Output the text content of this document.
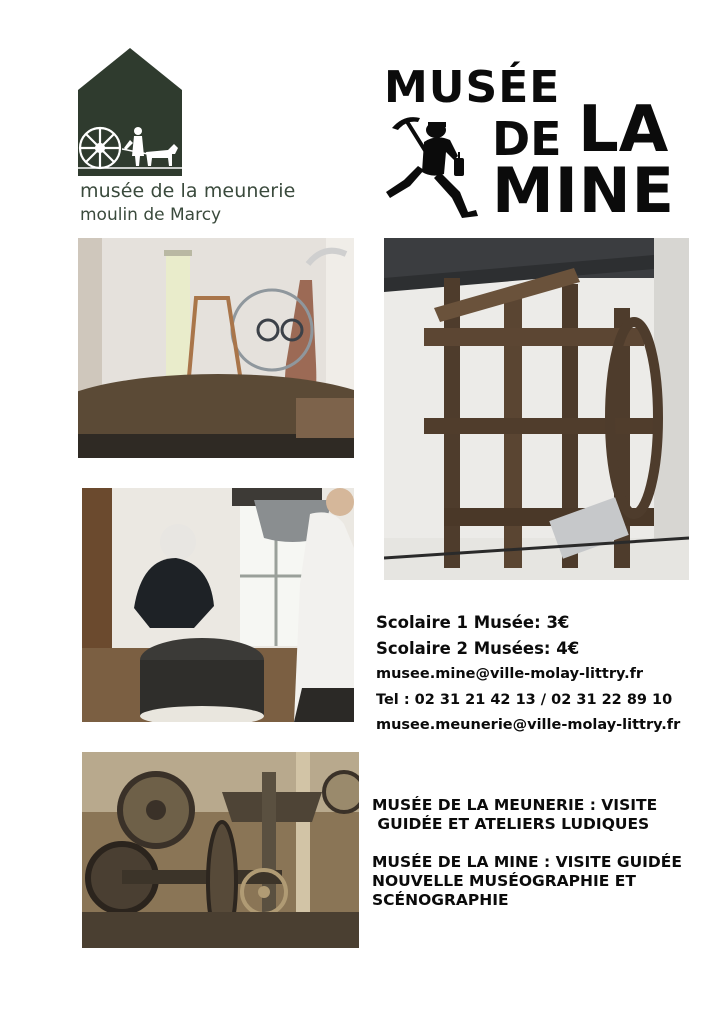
musée de la meunerie
moulin de Marcy
MUSÉE
DE LA
MINE
Scolaire 1 Musée: 3€
Scolaire 2 Musées: 4€
musee.mine@ville-molay-littry.fr
Tel : 02 31 21 42 13 / 02 31 22 89 10
musee.meunerie@ville-molay-littry.fr
MUSÉE DE LA MEUNERIE : VISITE
GUIDÉE ET ATELIERS LUDIQUES
MUSÉE DE LA MINE : VISITE GUIDÉE
NOUVELLE MUSÉOGRAPHIE ET
SCÉNOGRAPHIE
